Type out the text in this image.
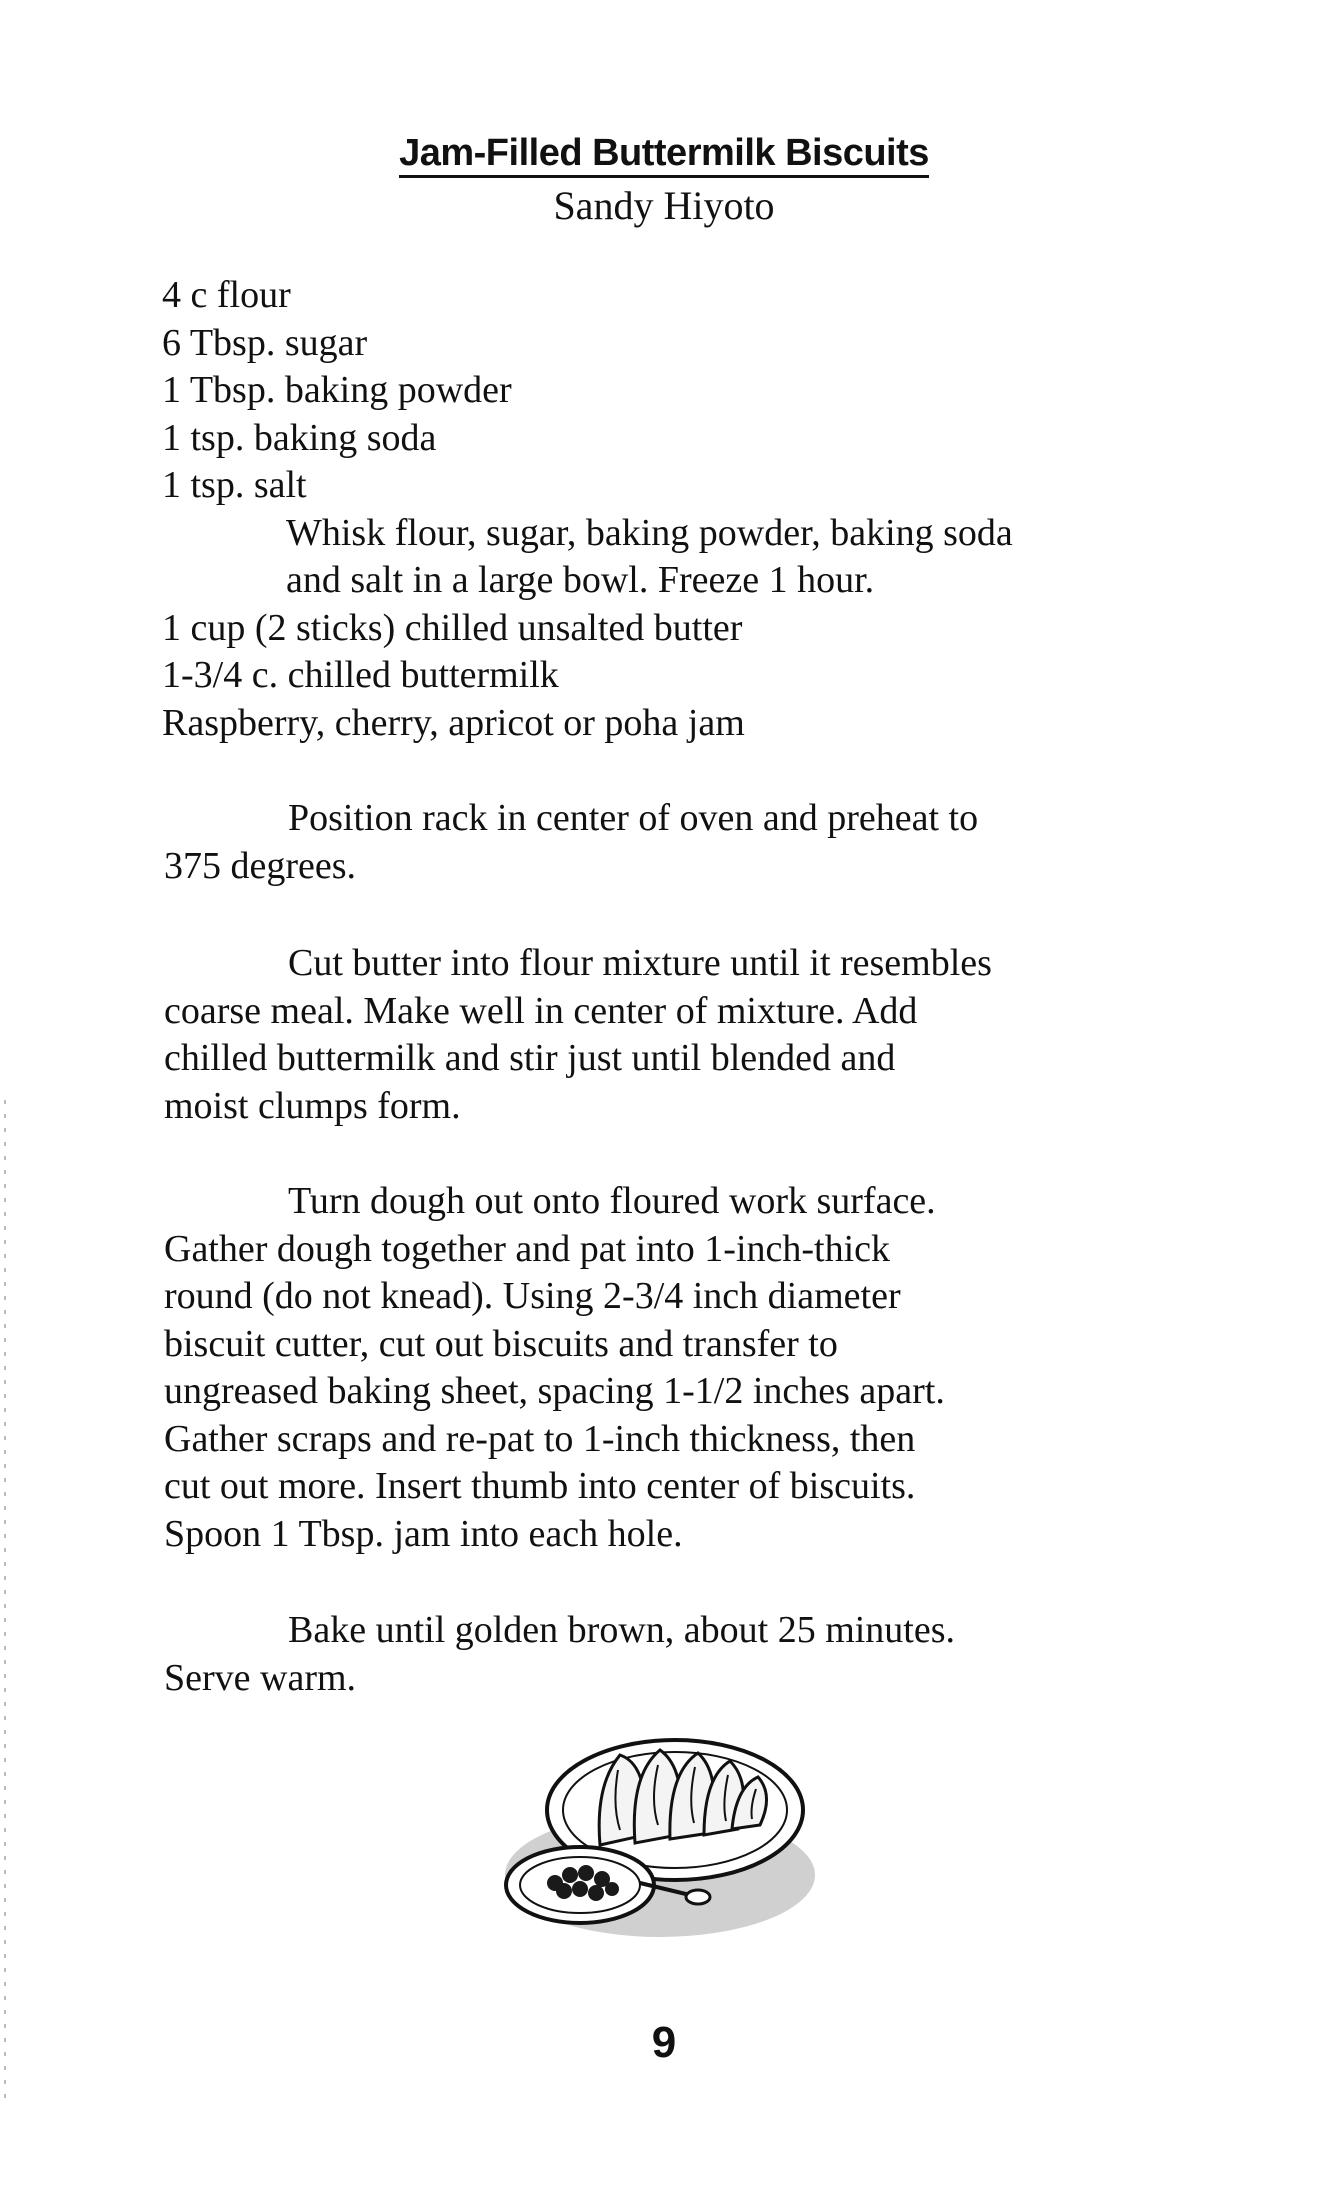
Jam-Filled Buttermilk Biscuits
Sandy Hiyoto
4 c flour
6 Tbsp. sugar
1 Tbsp. baking powder
1 tsp. baking soda
1 tsp. salt
Whisk flour, sugar, baking powder, baking soda
and salt in a large bowl. Freeze 1 hour.
1 cup (2 sticks) chilled unsalted butter
1-3/4 c. chilled buttermilk
Raspberry, cherry, apricot or poha jam
Position rack in center of oven and preheat to
375 degrees.
Cut butter into flour mixture until it resembles
coarse meal. Make well in center of mixture. Add
chilled buttermilk and stir just until blended and
moist clumps form.
Turn dough out onto floured work surface.
Gather dough together and pat into 1-inch-thick
round (do not knead). Using 2-3/4 inch diameter
biscuit cutter, cut out biscuits and transfer to
ungreased baking sheet, spacing 1-1/2 inches apart.
Gather scraps and re-pat to 1-inch thickness, then
cut out more. Insert thumb into center of biscuits.
Spoon 1 Tbsp. jam into each hole.
Bake until golden brown, about 25 minutes.
Serve warm.
9
